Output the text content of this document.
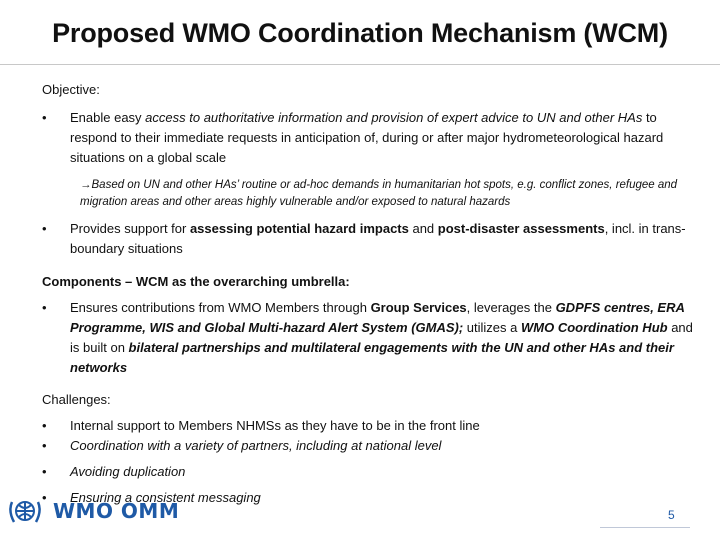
Proposed WMO Coordination Mechanism (WCM)

Objective:

•	Enable easy access to authoritative information and provision of expert advice to UN and other HAs to respond to their immediate requests in anticipation of, during or after major hydrometeorological hazard situations on a global scale

→Based on UN and other HAs’ routine or ad-hoc demands in humanitarian hot spots, e.g. conflict zones, refugee and migration areas and other areas highly vulnerable and/or exposed to natural hazards

•	Provides support for assessing potential hazard impacts and post-disaster assessments, incl. in trans-boundary situations

Components – WCM as the overarching umbrella:

•	Ensures contributions from WMO Members through Group Services, leverages the GDPFS centres, ERA Programme, WIS and Global Multi-hazard Alert System (GMAS); utilizes a WMO Coordination Hub and is built on bilateral partnerships and multilateral engagements with the UN and other HAs and their networks

Challenges:

•	Internal support to Members NHMSs as they have to be in the front line

•	Coordination with a variety of partners, including at national level

•	Avoiding duplication

•	Ensuring a consistent messaging

WMO OMM	5
